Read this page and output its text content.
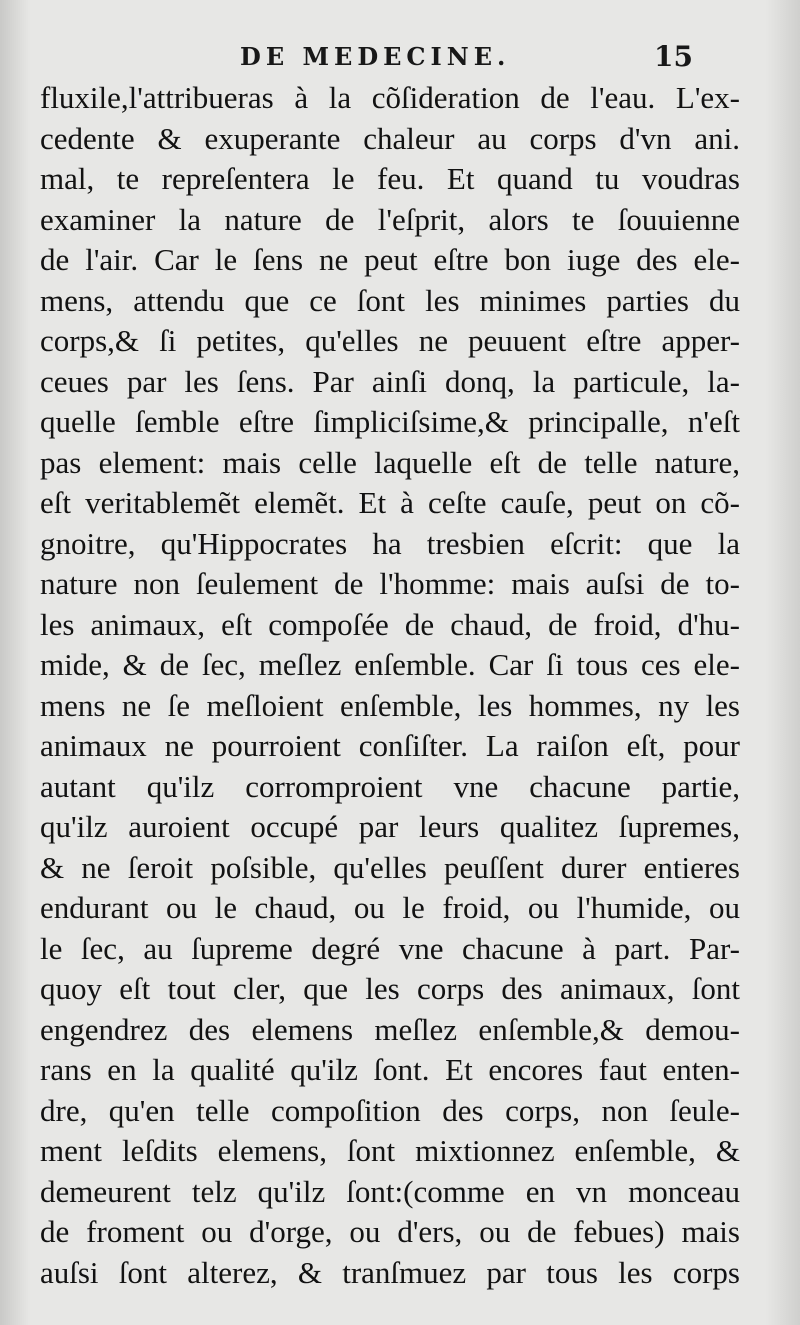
DE MEDECINE.	15
fluxile,l'attribueras à la cõſideration de l'eau. L'ex-
cedente & exuperante chaleur au corps d'vn ani.
mal, te repreſentera le feu. Et quand tu voudras
examiner la nature de l'eſprit, alors te ſouuienne
de l'air. Car le ſens ne peut eſtre bon iuge des ele-
mens, attendu que ce ſont les minimes parties du
corps,& ſi petites, qu'elles ne peuuent eſtre apper-
ceues par les ſens. Par ainſi donq, la particule, la-
quelle ſemble eſtre ſimpliciſsime,& principalle, n'eſt
pas element: mais celle laquelle eſt de telle nature,
eſt veritablemẽt elemẽt. Et à ceſte cauſe, peut on cõ-
gnoitre, qu'Hippocrates ha tresbien eſcrit: que la
nature non ſeulement de l'homme: mais auſsi de to-
les animaux, eſt compoſée de chaud, de froid, d'hu-
mide, & de ſec, meſlez enſemble. Car ſi tous ces ele-
mens ne ſe meſloient enſemble, les hommes, ny les
animaux ne pourroient conſiſter. La raiſon eſt, pour
autant qu'ilz corromproient vne chacune partie,
qu'ilz auroient occupé par leurs qualitez ſupremes,
& ne ſeroit poſsible, qu'elles peuſſent durer entieres
endurant ou le chaud, ou le froid, ou l'humide, ou
le ſec, au ſupreme degré vne chacune à part. Par-
quoy eſt tout cler, que les corps des animaux, ſont
engendrez des elemens meſlez enſemble,& demou-
rans en la qualité qu'ilz ſont. Et encores faut enten-
dre, qu'en telle compoſition des corps, non ſeule-
ment leſdits elemens, ſont mixtionnez enſemble, &
demeurent telz qu'ilz ſont:(comme en vn monceau
de froment ou d'orge, ou d'ers, ou de febues) mais
auſsi ſont alterez, & tranſmuez par tous les corps
